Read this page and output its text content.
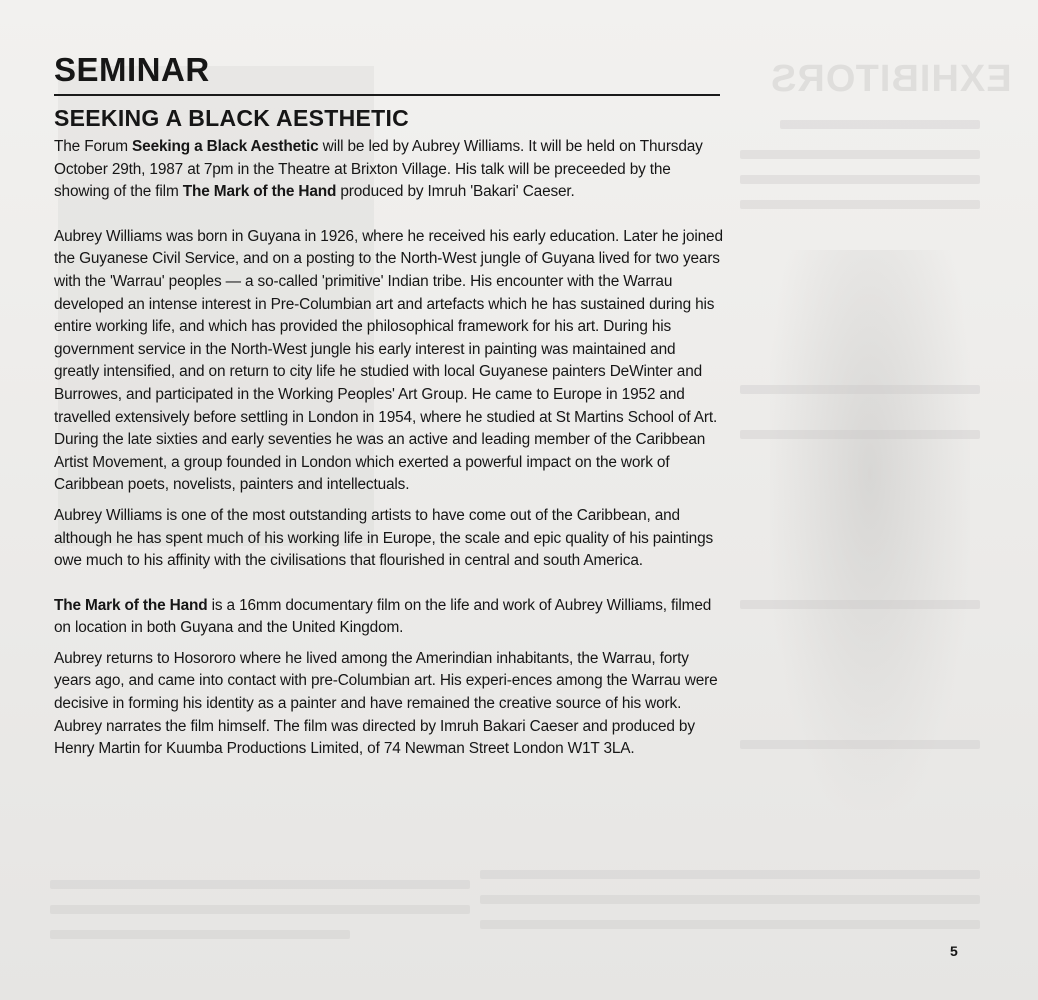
EXHIBITORS
SEMINAR
SEEKING A BLACK AESTHETIC

The Forum Seeking a Black Aesthetic will be led by Aubrey Williams. It will be held on Thursday October 29th, 1987 at 7pm in the Theatre at Brixton Village. His talk will be preceeded by the showing of the film The Mark of the Hand produced by Imruh 'Bakari' Caeser.

Aubrey Williams was born in Guyana in 1926, where he received his early education. Later he joined the Guyanese Civil Service, and on a posting to the North-West jungle of Guyana lived for two years with the 'Warrau' peoples — a so-called 'primitive' Indian tribe. His encounter with the Warrau developed an intense interest in Pre-Columbian art and artefacts which he has sustained during his entire working life, and which has provided the philosophical framework for his art. During his government service in the North-West jungle his early interest in painting was maintained and greatly intensified, and on return to city life he studied with local Guyanese painters DeWinter and Burrowes, and participated in the Working Peoples' Art Group. He came to Europe in 1952 and travelled extensively before settling in London in 1954, where he studied at St Martins School of Art. During the late sixties and early seventies he was an active and leading member of the Caribbean Artist Movement, a group founded in London which exerted a powerful impact on the work of Caribbean poets, novelists, painters and intellectuals.

Aubrey Williams is one of the most outstanding artists to have come out of the Caribbean, and although he has spent much of his working life in Europe, the scale and epic quality of his paintings owe much to his affinity with the civilisations that flourished in central and south America.

The Mark of the Hand is a 16mm documentary film on the life and work of Aubrey Williams, filmed on location in both Guyana and the United Kingdom.

Aubrey returns to Hosororo where he lived among the Amerindian inhabitants, the Warrau, forty years ago, and came into contact with pre-Columbian art. His experi-ences among the Warrau were decisive in forming his identity as a painter and have remained the creative source of his work. Aubrey narrates the film himself. The film was directed by Imruh Bakari Caeser and produced by Henry Martin for Kuumba Productions Limited, of 74 Newman Street London W1T 3LA.

5
